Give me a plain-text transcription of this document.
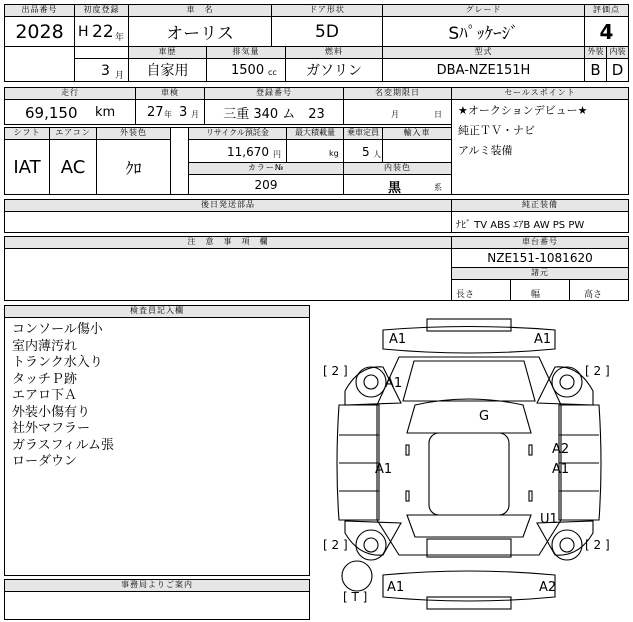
出品番号
2028
初度登録
H 22 年
3 月
車　名
オーリス
ドア形状
5D
グレード
Sﾊﾟｯｹｰｼﾞ
評価点
4
車歴
自家用
排気量
1500 cc
燃料
ガソリン
型式
DBA-NZE151H
外装
B
内装
D
走行
69,150 km
車検
27 年 3 月
登録番号
三重 340 ム　23
名変期限日
月	日
シフト
IAT
エアコン
AC
外装色
ｸﾛ
リサイクル預託金
11,670 円
最大積載量
kg
乗車定員
5 人
輸入車
カラー№
209
内装色
黒	系
セールスポイント
★オークションデビュー★
純正ＴＶ・ナビ
アルミ装備
後日発送部品
注　意　事　項　欄
純正装備
ﾅﾋﾞ TV ABS ｴｱB AW PS PW
車台番号
NZE151-1081620
諸元
長さ	幅	高さ
検査員記入欄
コンソール傷小
室内薄汚れ
トランク水入り
タッチＰ跡
エアロ下Ａ
外装小傷有り
社外マフラー
ガラスフィルム張
ローダウン
事務局よりご案内
A1	A1
A1
G
A2
A1	A1
U1
A1	A2
[ 2 ]	[ 2 ]
[ 2 ]	[ 2 ]
[ T ]
